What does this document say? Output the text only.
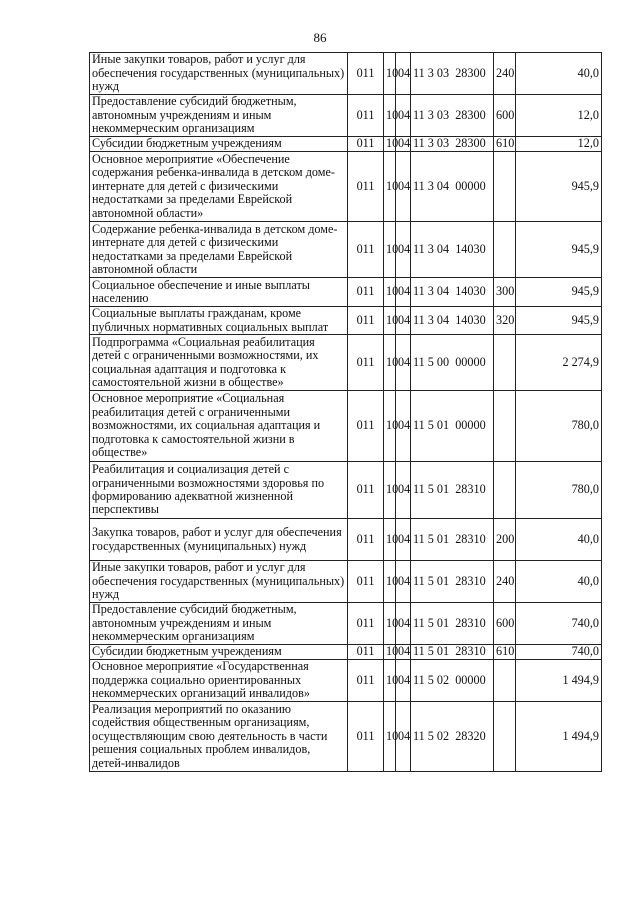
86
Иные закупки товаров, работ и услуг для обеспечения государственных (муниципальных) нужд	011	10	04	11 3 03  28300	240	40,0
Предоставление субсидий бюджетным, автономным учреждениям и иным некоммерческим организациям	011	10	04	11 3 03  28300	600	12,0
Субсидии бюджетным учреждениям	011	10	04	11 3 03  28300	610	12,0
Основное мероприятие «Обеспечение содержания ребенка-инвалида в детском доме-интернате для детей с физическими недостатками за пределами Еврейской автономной области»	011	10	04	11 3 04  00000		945,9
Содержание ребенка-инвалида в детском доме-интернате для детей с физическими недостатками за пределами Еврейской автономной области	011	10	04	11 3 04  14030		945,9
Социальное обеспечение и иные выплаты населению	011	10	04	11 3 04  14030	300	945,9
Социальные выплаты гражданам, кроме публичных нормативных социальных выплат	011	10	04	11 3 04  14030	320	945,9
Подпрограмма «Социальная реабилитация детей с ограниченными возможностями, их социальная адаптация и подготовка к самостоятельной жизни в обществе»	011	10	04	11 5 00  00000		2 274,9
Основное мероприятие «Социальная реабилитация детей с ограниченными возможностями, их социальная адаптация и подготовка к самостоятельной жизни в обществе»	011	10	04	11 5 01  00000		780,0
Реабилитация и социализация детей с ограниченными возможностями здоровья по формированию адекватной жизненной перспективы	011	10	04	11 5 01  28310		780,0
Закупка товаров, работ и услуг для обеспечения государственных (муниципальных) нужд	011	10	04	11 5 01  28310	200	40,0
Иные закупки товаров, работ и услуг для обеспечения государственных (муниципальных) нужд	011	10	04	11 5 01  28310	240	40,0
Предоставление субсидий бюджетным, автономным учреждениям и иным некоммерческим организациям	011	10	04	11 5 01  28310	600	740,0
Субсидии бюджетным учреждениям	011	10	04	11 5 01  28310	610	740,0
Основное мероприятие «Государственная поддержка социально ориентированных некоммерческих организаций инвалидов»	011	10	04	11 5 02  00000		1 494,9
Реализация мероприятий по оказанию содействия общественным организациям, осуществляющим свою деятельность в части решения социальных проблем инвалидов, детей-инвалидов	011	10	04	11 5 02  28320		1 494,9
